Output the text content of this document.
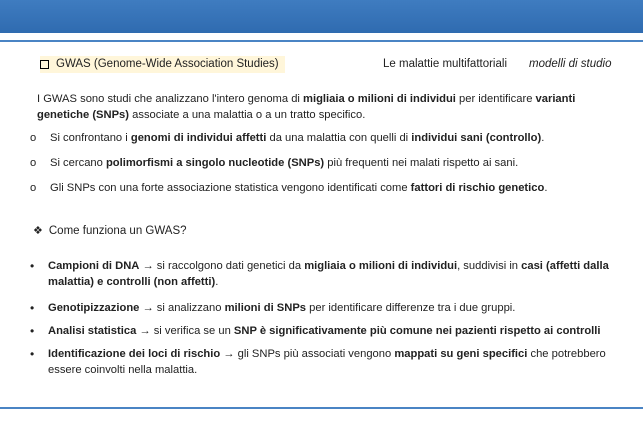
GWAS (Genome-Wide Association Studies)	Le malattie multifattoriali modelli di studio
I GWAS sono studi che analizzano l'intero genoma di migliaia o milioni di individui per identificare varianti genetiche (SNPs) associate a una malattia o a un tratto specifico.
o Si confrontano i genomi di individui affetti da una malattia con quelli di individui sani (controllo).
o Si cercano polimorfismi a singolo nucleotide (SNPs) più frequenti nei malati rispetto ai sani.
o Gli SNPs con una forte associazione statistica vengono identificati come fattori di rischio genetico.
❖ Come funziona un GWAS?
• Campioni di DNA → si raccolgono dati genetici da migliaia o milioni di individui, suddivisi in casi (affetti dalla malattia) e controlli (non affetti).
• Genotipizzazione → si analizzano milioni di SNPs per identificare differenze tra i due gruppi.
• Analisi statistica → si verifica se un SNP è significativamente più comune nei pazienti rispetto ai controlli
• Identificazione dei loci di rischio → gli SNPs più associati vengono mappati su geni specifici che potrebbero essere coinvolti nella malattia.
